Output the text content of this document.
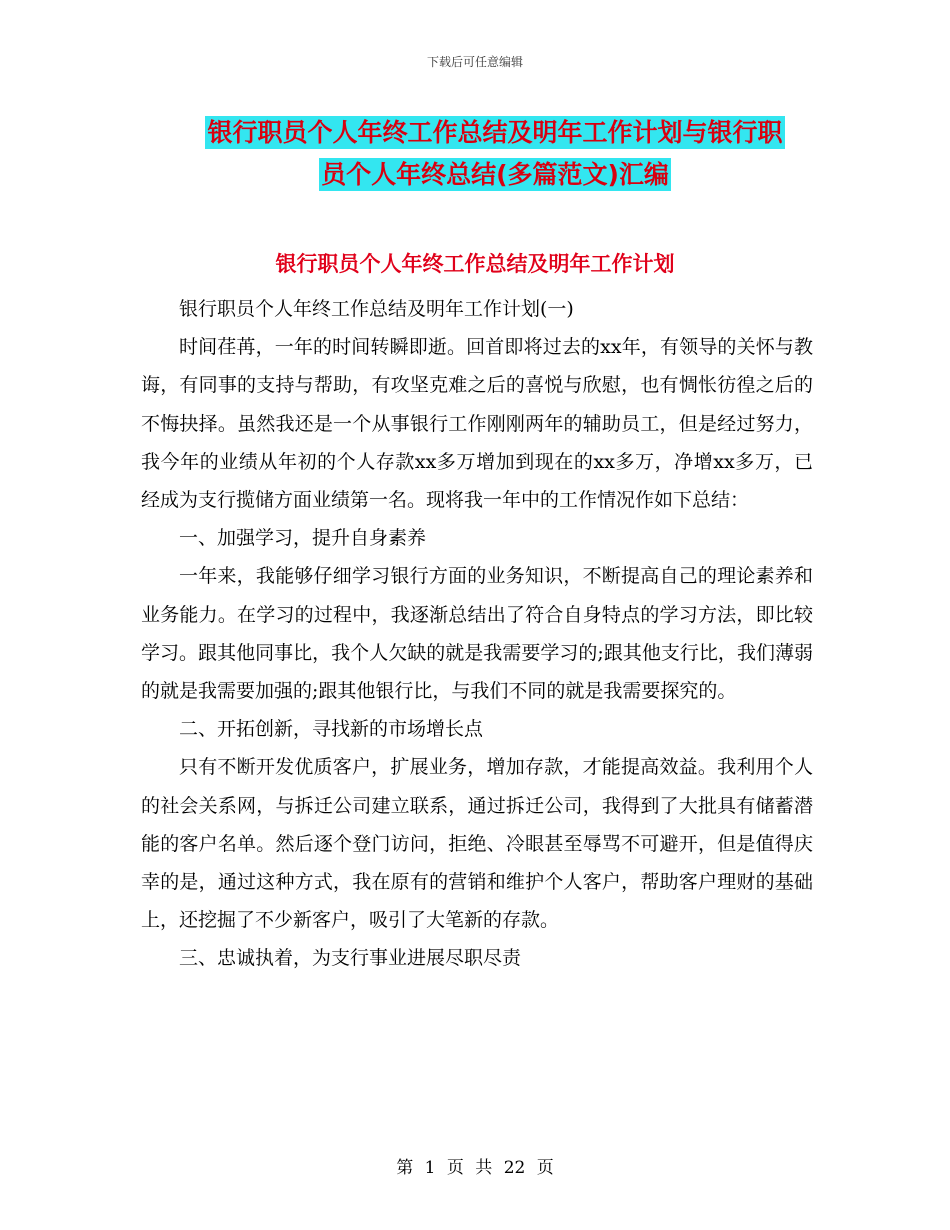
下载后可任意编辑
银行职员个人年终工作总结及明年工作计划与银行职
员个人年终总结(多篇范文)汇编
银行职员个人年终工作总结及明年工作计划

银行职员个人年终工作总结及明年工作计划(一)

时间荏苒，一年的时间转瞬即逝。回首即将过去的xx年，有领导的关怀与教诲，有同事的支持与帮助，有攻坚克难之后的喜悦与欣慰，也有惆怅彷徨之后的不悔抉择。虽然我还是一个从事银行工作刚刚两年的辅助员工，但是经过努力，我今年的业绩从年初的个人存款xx多万增加到现在的xx多万，净增xx多万，已经成为支行揽储方面业绩第一名。现将我一年中的工作情况作如下总结：

一、加强学习，提升自身素养

一年来，我能够仔细学习银行方面的业务知识，不断提高自己的理论素养和业务能力。在学习的过程中，我逐渐总结出了符合自身特点的学习方法，即比较学习。跟其他同事比，我个人欠缺的就是我需要学习的;跟其他支行比，我们薄弱的就是我需要加强的;跟其他银行比，与我们不同的就是我需要探究的。

二、开拓创新，寻找新的市场增长点

只有不断开发优质客户，扩展业务，增加存款，才能提高效益。我利用个人的社会关系网，与拆迁公司建立联系，通过拆迁公司，我得到了大批具有储蓄潜能的客户名单。然后逐个登门访问，拒绝、冷眼甚至辱骂不可避开，但是值得庆幸的是，通过这种方式，我在原有的营销和维护个人客户，帮助客户理财的基础上，还挖掘了不少新客户，吸引了大笔新的存款。

三、忠诚执着，为支行事业进展尽职尽责

第 1 页 共 22 页
